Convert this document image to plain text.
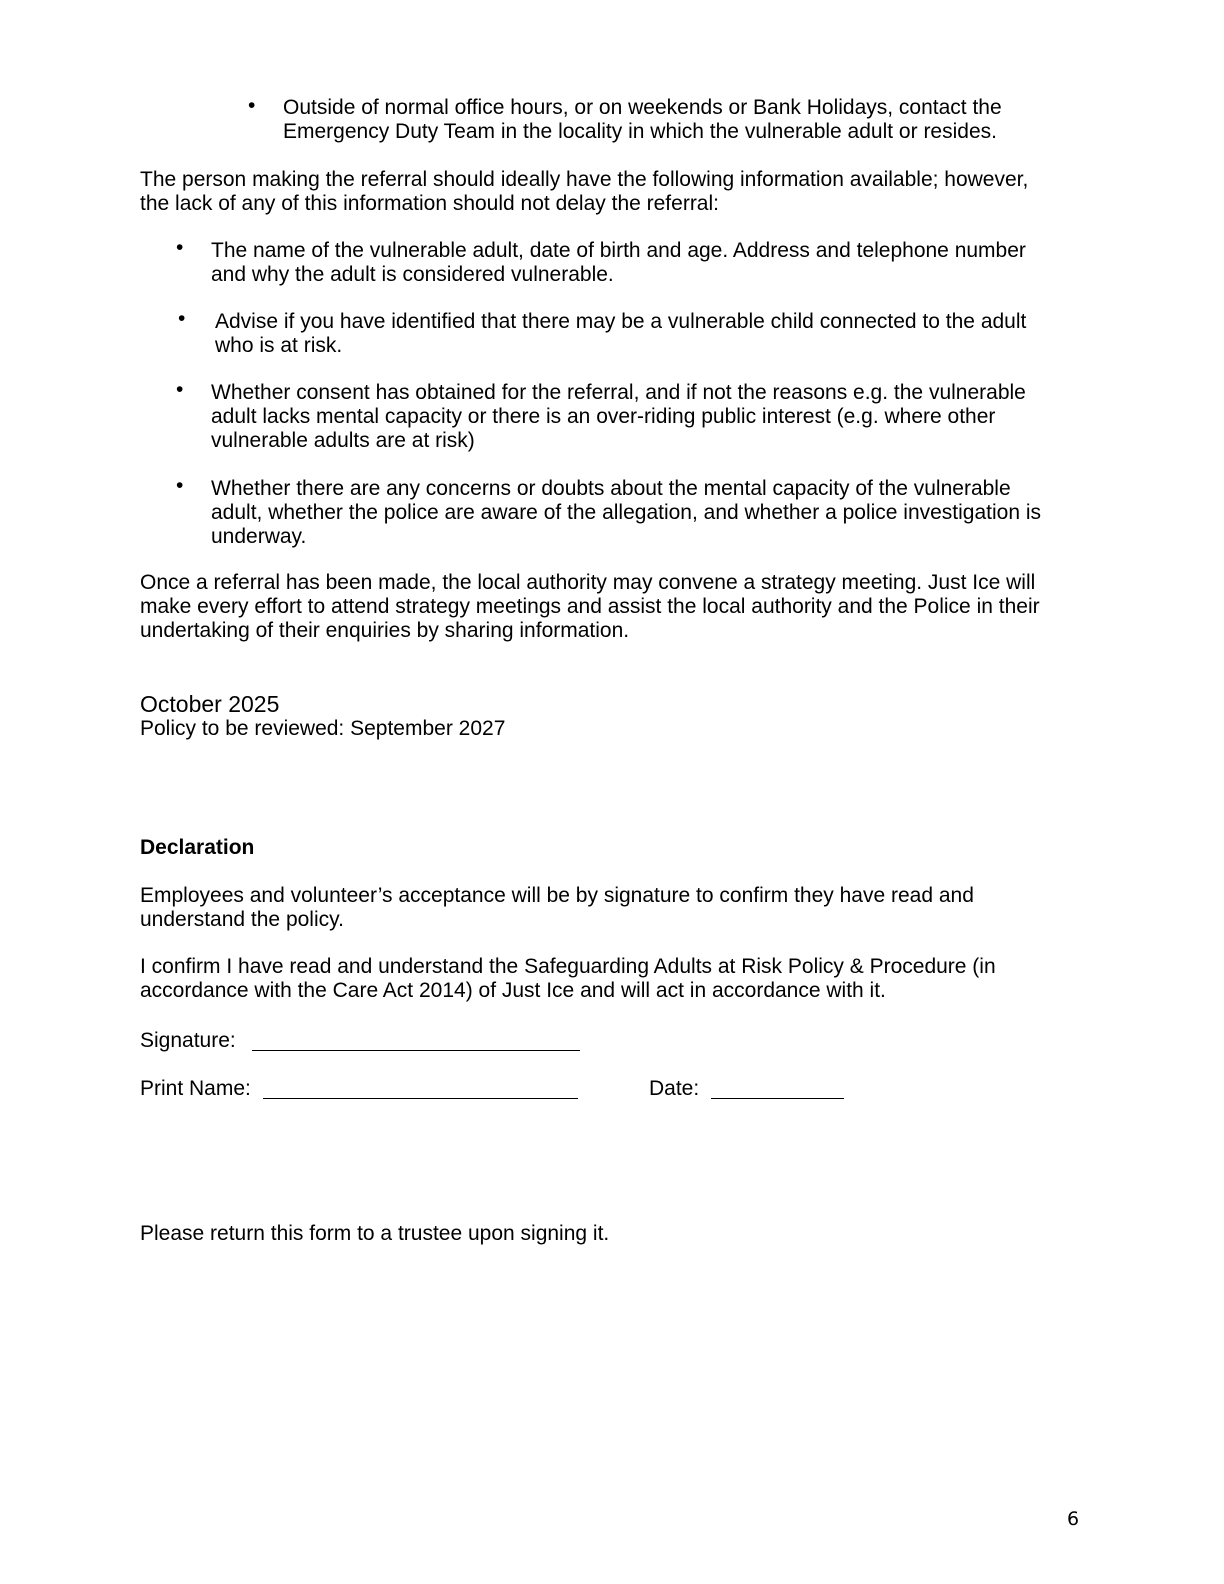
• Outside of normal office hours, or on weekends or Bank Holidays, contact the
Emergency Duty Team in the locality in which the vulnerable adult or resides.
The person making the referral should ideally have the following information available; however,
the lack of any of this information should not delay the referral:
• The name of the vulnerable adult, date of birth and age. Address and telephone number
and why the adult is considered vulnerable.
• Advise if you have identified that there may be a vulnerable child connected to the adult
who is at risk.
• Whether consent has obtained for the referral, and if not the reasons e.g. the vulnerable
adult lacks mental capacity or there is an over-riding public interest (e.g. where other
vulnerable adults are at risk)
• Whether there are any concerns or doubts about the mental capacity of the vulnerable
adult, whether the police are aware of the allegation, and whether a police investigation is
underway.
Once a referral has been made, the local authority may convene a strategy meeting. Just Ice will
make every effort to attend strategy meetings and assist the local authority and the Police in their
undertaking of their enquiries by sharing information.
October 2025
Policy to be reviewed: September 2027
Declaration
Employees and volunteer’s acceptance will be by signature to confirm they have read and
understand the policy.
I confirm I have read and understand the Safeguarding Adults at Risk Policy & Procedure (in
accordance with the Care Act 2014) of Just Ice and will act in accordance with it.
Signature:
Print Name:	Date:
Please return this form to a trustee upon signing it.
6
